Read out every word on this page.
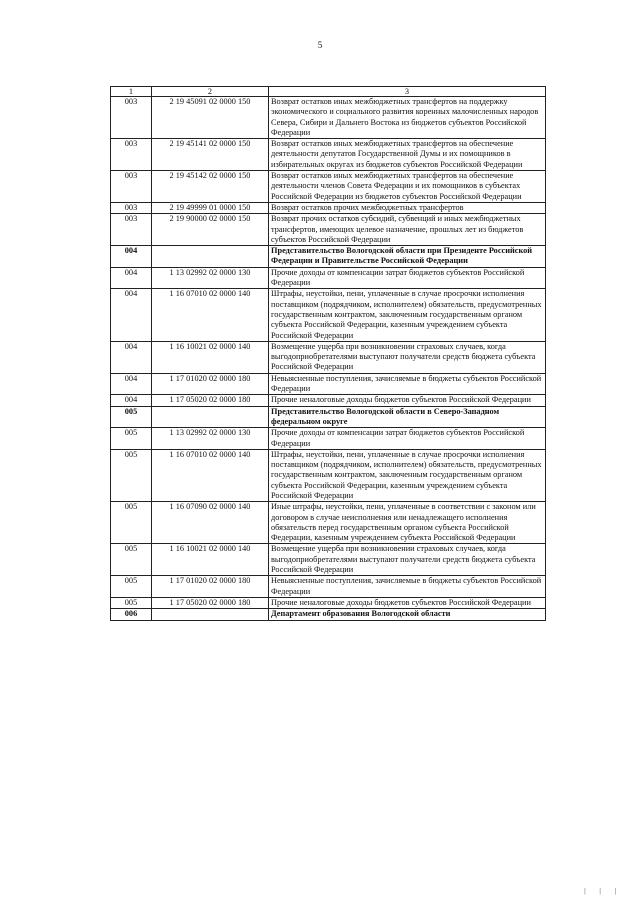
5
1	2	3
003	2 19 45091 02 0000 150	Возврат остатков иных межбюджетных трансфертов на поддержку экономического и социального развития коренных малочисленных народов Севера, Сибири и Дальнего Востока из бюджетов субъектов Российской Федерации
003	2 19 45141 02 0000 150	Возврат остатков иных межбюджетных трансфертов на обеспечение деятельности депутатов Государственной Думы и их помощников в избирательных округах из бюджетов субъектов Российской Федерации
003	2 19 45142 02 0000 150	Возврат остатков иных межбюджетных трансфертов на обеспечение деятельности членов Совета Федерации и их помощников в субъектах Российской Федерации из бюджетов субъектов Российской Федерации
003	2 19 49999 01 0000 150	Возврат остатков прочих межбюджетных трансфертов
003	2 19 90000 02 0000 150	Возврат прочих остатков субсидий, субвенций и иных межбюджетных трансфертов, имеющих целевое назначение, прошлых лет из бюджетов субъектов Российской Федерации
004		Представительство Вологодской области при Президенте Российской Федерации и Правительстве Российской Федерации
004	1 13 02992 02 0000 130	Прочие доходы от компенсации затрат бюджетов субъектов Российской Федерации
004	1 16 07010 02 0000 140	Штрафы, неустойки, пени, уплаченные в случае просрочки исполнения поставщиком (подрядчиком, исполнителем) обязательств, предусмотренных государственным контрактом, заключенным государственным органом субъекта Российской Федерации, казенным учреждением субъекта Российской Федерации
004	1 16 10021 02 0000 140	Возмещение ущерба при возникновении страховых случаев, когда выгодоприобретателями выступают получатели средств бюджета субъекта Российской Федерации
004	1 17 01020 02 0000 180	Невыясненные поступления, зачисляемые в бюджеты субъектов Российской Федерации
004	1 17 05020 02 0000 180	Прочие неналоговые доходы бюджетов субъектов Российской Федерации
005		Представительство Вологодской области в Северо-Западном федеральном округе
005	1 13 02992 02 0000 130	Прочие доходы от компенсации затрат бюджетов субъектов Российской Федерации
005	1 16 07010 02 0000 140	Штрафы, неустойки, пени, уплаченные в случае просрочки исполнения поставщиком (подрядчиком, исполнителем) обязательств, предусмотренных государственным контрактом, заключенным государственным органом субъекта Российской Федерации, казенным учреждением субъекта Российской Федерации
005	1 16 07090 02 0000 140	Иные штрафы, неустойки, пени, уплаченные в соответствии с законом или договором в случае неисполнения или ненадлежащего исполнения обязательств перед государственным органом субъекта Российской Федерации, казенным учреждением субъекта Российской Федерации
005	1 16 10021 02 0000 140	Возмещение ущерба при возникновении страховых случаев, когда выгодоприобретателями выступают получатели средств бюджета субъекта Российской Федерации
005	1 17 01020 02 0000 180	Невыясненные поступления, зачисляемые в бюджеты субъектов Российской Федерации
005	1 17 05020 02 0000 180	Прочие неналоговые доходы бюджетов субъектов Российской Федерации
006		Департамент образования Вологодской области
| | |
